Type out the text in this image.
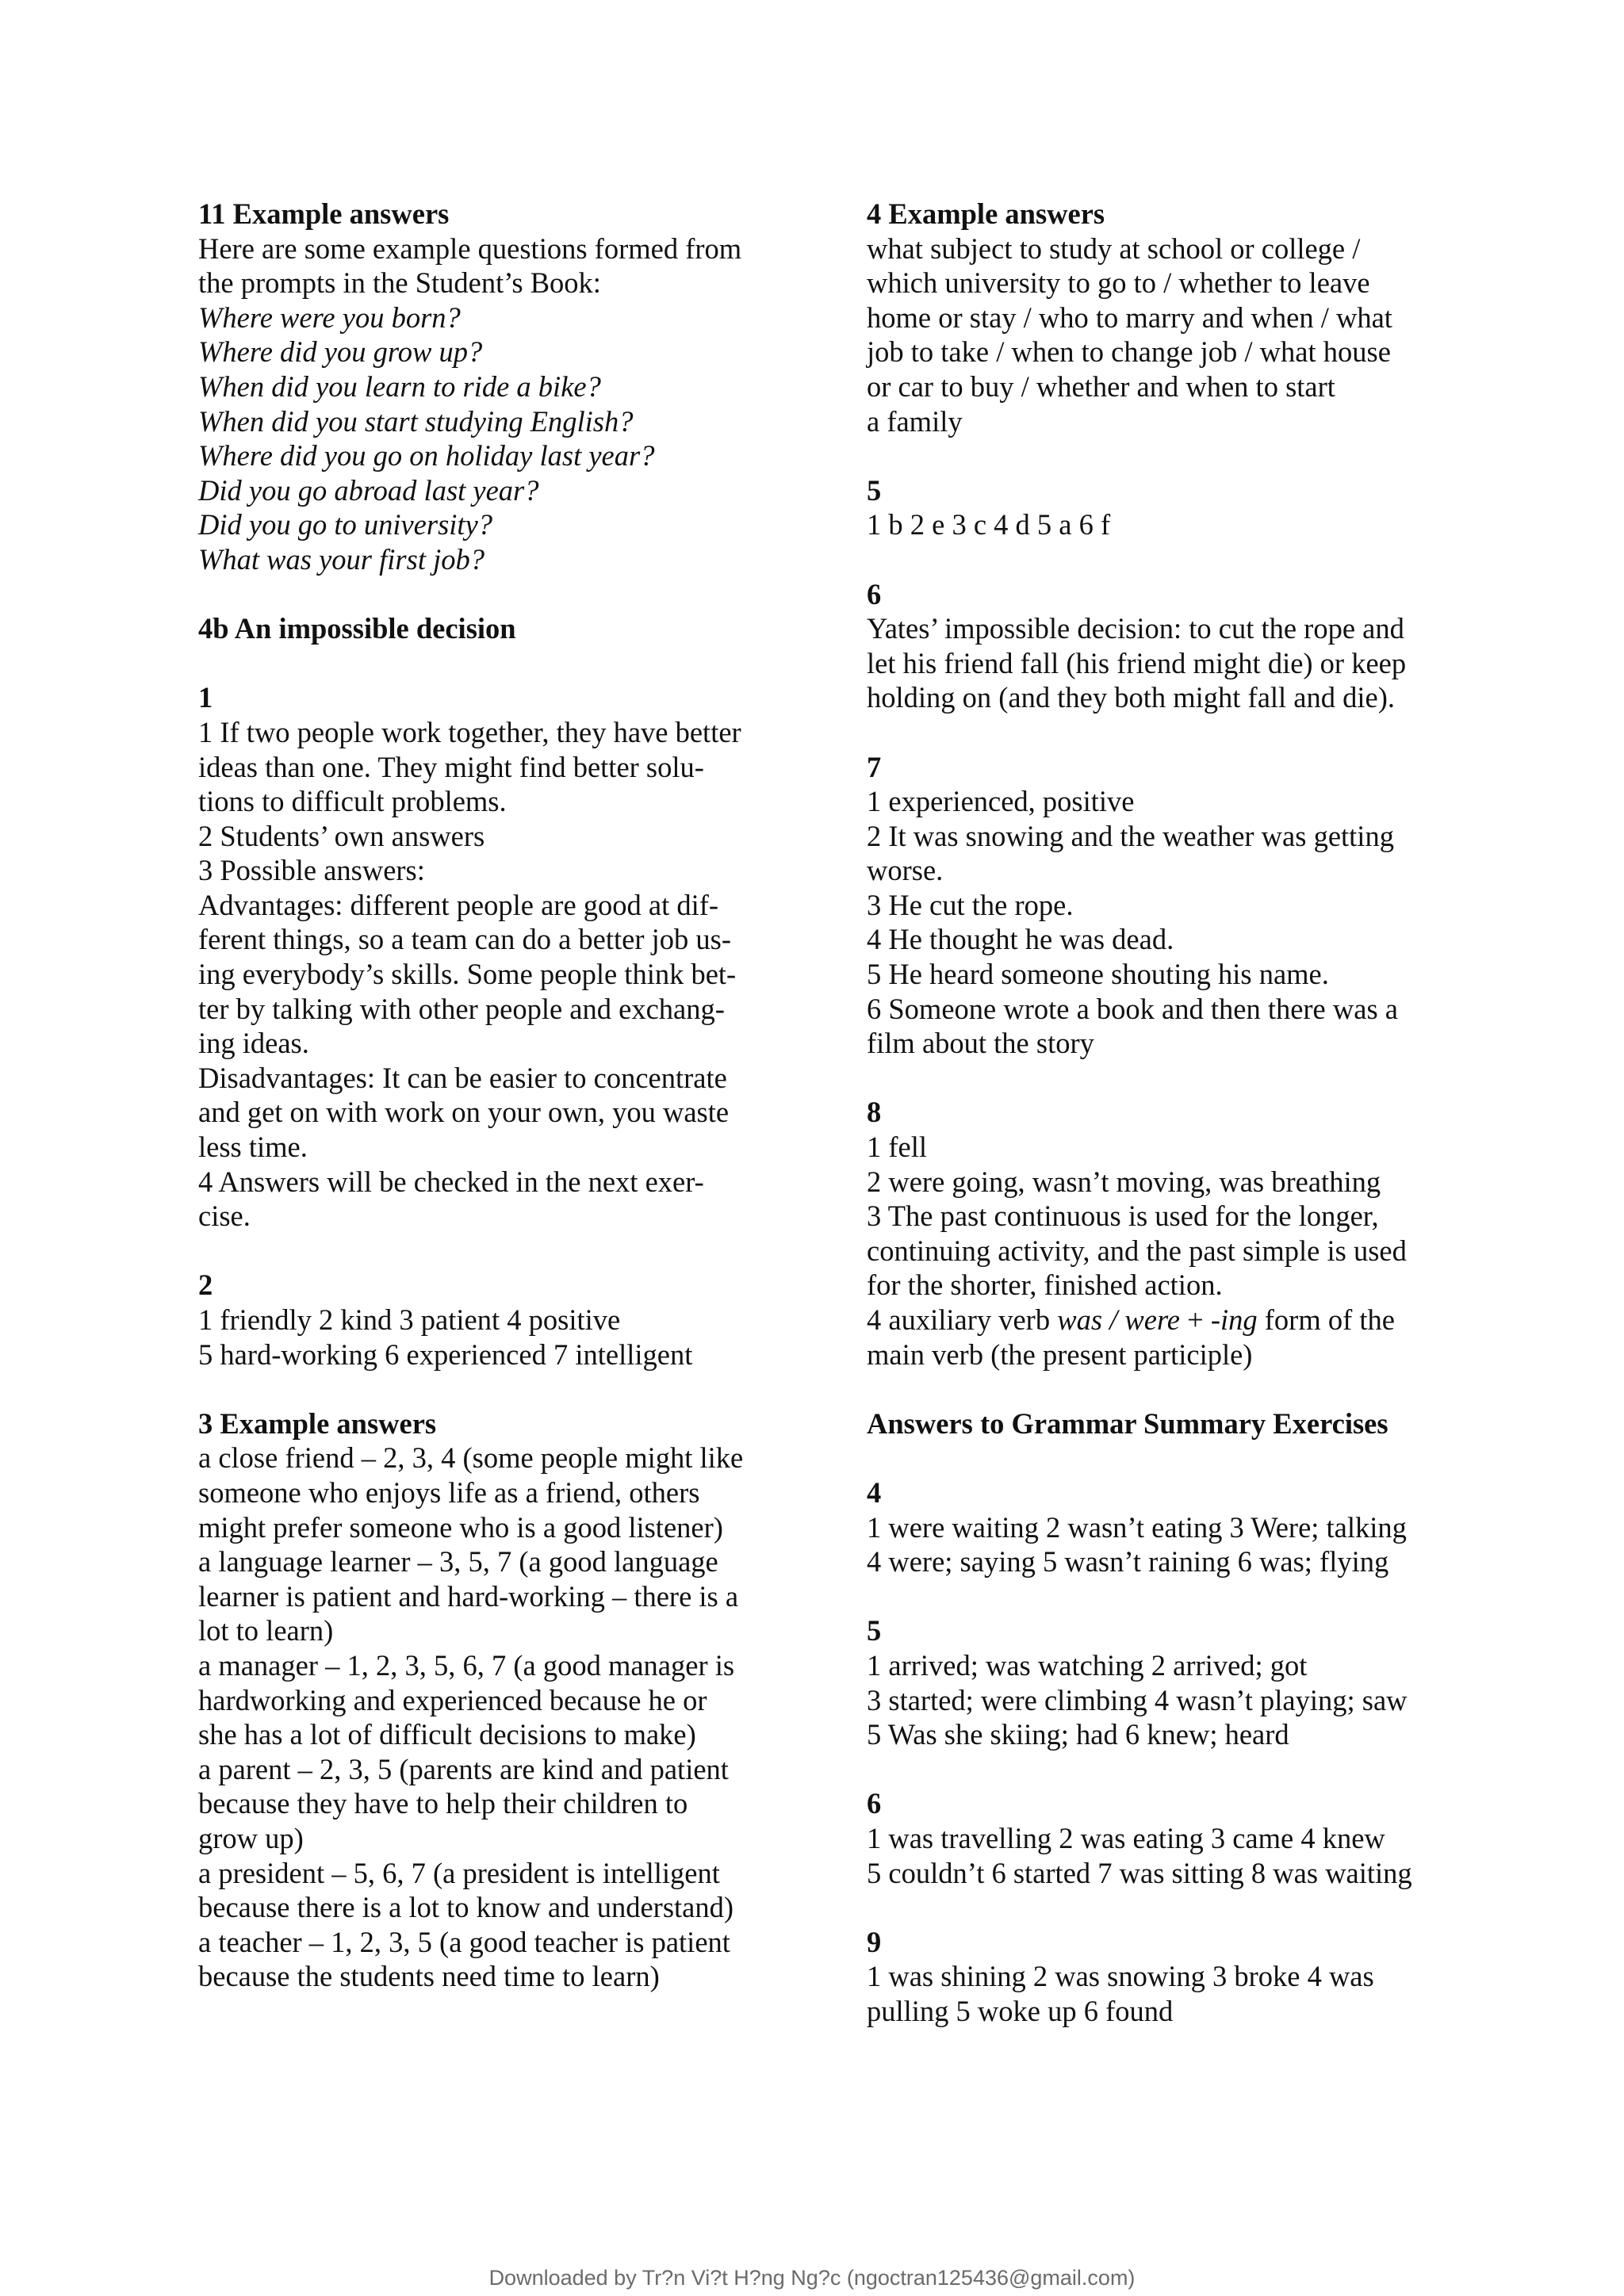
11 Example answers
Here are some example questions formed from
the prompts in the Student’s Book:
Where were you born?
Where did you grow up?
When did you learn to ride a bike?
When did you start studying English?
Where did you go on holiday last year?
Did you go abroad last year?
Did you go to university?
What was your first job?
4b An impossible decision
1
1 If two people work together, they have better
ideas than one. They might find better solu-
tions to difficult problems.
2 Students’ own answers
3 Possible answers:
Advantages: different people are good at dif-
ferent things, so a team can do a better job us-
ing everybody’s skills. Some people think bet-
ter by talking with other people and exchang-
ing ideas.
Disadvantages: It can be easier to concentrate
and get on with work on your own, you waste
less time.
4 Answers will be checked in the next exer-
cise.
2
1 friendly 2 kind 3 patient 4 positive
5 hard-working 6 experienced 7 intelligent
3 Example answers
a close friend – 2, 3, 4 (some people might like
someone who enjoys life as a friend, others
might prefer someone who is a good listener)
a language learner – 3, 5, 7 (a good language
learner is patient and hard-working – there is a
lot to learn)
a manager – 1, 2, 3, 5, 6, 7 (a good manager is
hardworking and experienced because he or
she has a lot of difficult decisions to make)
a parent – 2, 3, 5 (parents are kind and patient
because they have to help their children to
grow up)
a president – 5, 6, 7 (a president is intelligent
because there is a lot to know and understand)
a teacher – 1, 2, 3, 5 (a good teacher is patient
because the students need time to learn)
4 Example answers
what subject to study at school or college /
which university to go to / whether to leave
home or stay / who to marry and when / what
job to take / when to change job / what house
or car to buy / whether and when to start
a family
5
1 b 2 e 3 c 4 d 5 a 6 f
6
Yates’ impossible decision: to cut the rope and
let his friend fall (his friend might die) or keep
holding on (and they both might fall and die).
7
1 experienced, positive
2 It was snowing and the weather was getting
worse.
3 He cut the rope.
4 He thought he was dead.
5 He heard someone shouting his name.
6 Someone wrote a book and then there was a
film about the story
8
1 fell
2 were going, wasn’t moving, was breathing
3 The past continuous is used for the longer,
continuing activity, and the past simple is used
for the shorter, finished action.
4 auxiliary verb was / were + -ing form of the
main verb (the present participle)
Answers to Grammar Summary Exercises
4
1 were waiting 2 wasn’t eating 3 Were; talking
4 were; saying 5 wasn’t raining 6 was; flying
5
1 arrived; was watching 2 arrived; got
3 started; were climbing 4 wasn’t playing; saw
5 Was she skiing; had 6 knew; heard
6
1 was travelling 2 was eating 3 came 4 knew
5 couldn’t 6 started 7 was sitting 8 was waiting
9
1 was shining 2 was snowing 3 broke 4 was
pulling 5 woke up 6 found
Downloaded by Tr?n Vi?t H?ng Ng?c (ngoctran125436@gmail.com)
